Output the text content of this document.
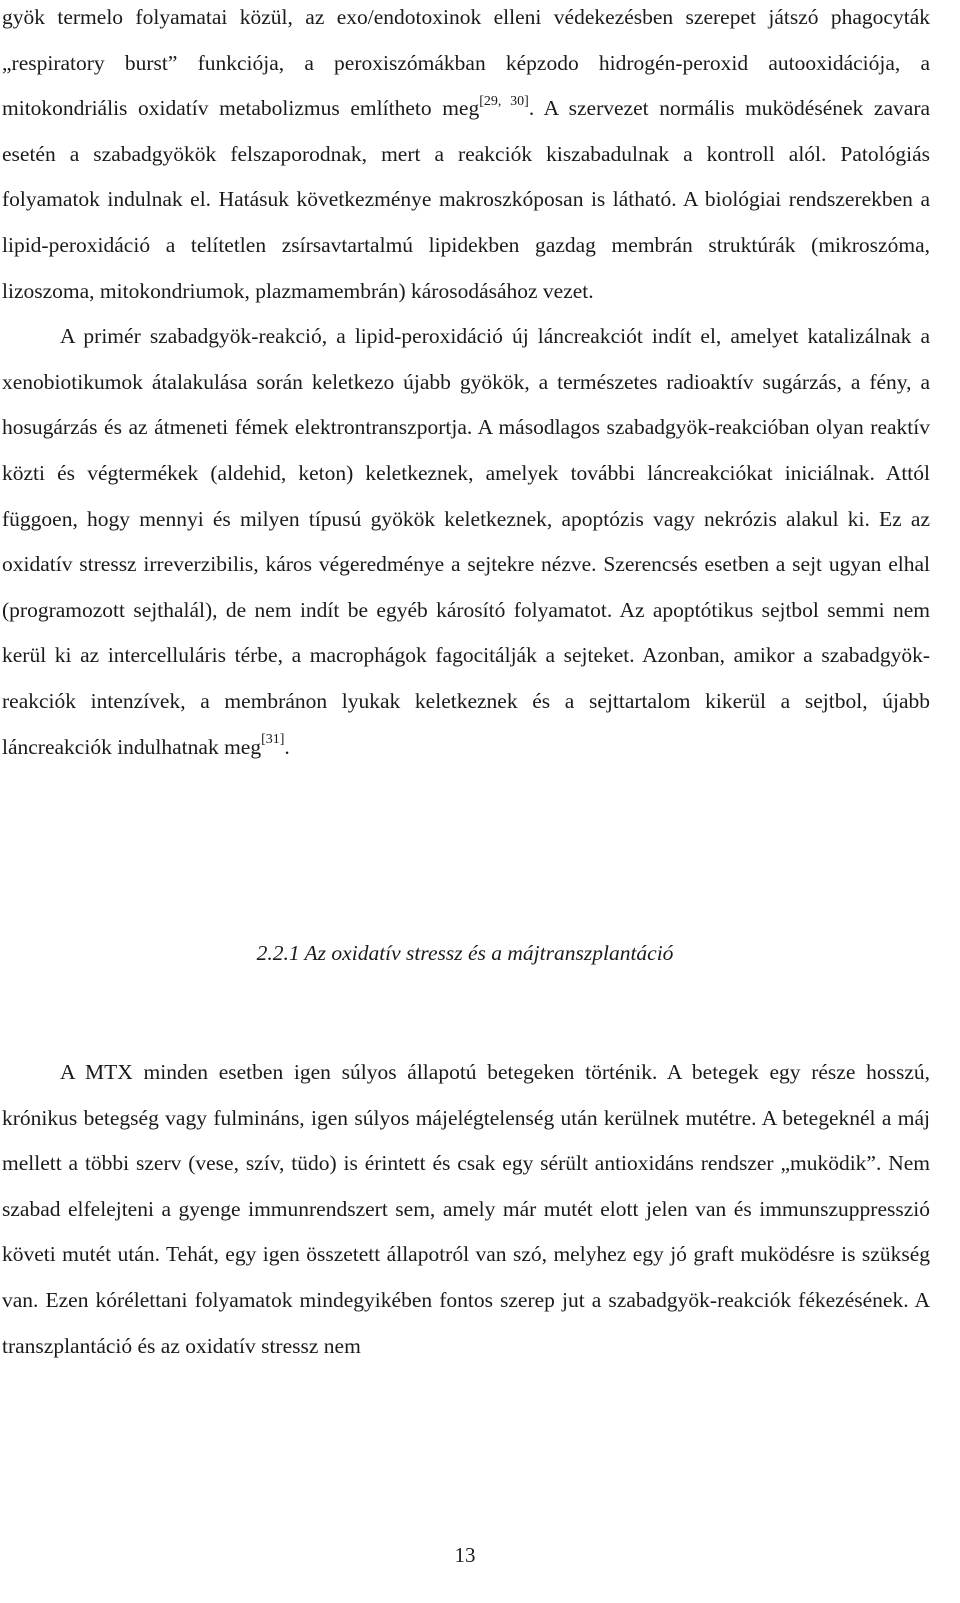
gyök termelo folyamatai közül, az exo/endotoxinok elleni védekezésben szerepet játszó phagocyták „respiratory burst” funkciója, a peroxiszómákban képzodo hidrogén-peroxid autooxidációja, a mitokondriális oxidatív metabolizmus említheto meg[29, 30]. A szervezet normális muködésének zavara esetén a szabadgyökök felszaporodnak, mert a reakciók kiszabadulnak a kontroll alól. Patológiás folyamatok indulnak el. Hatásuk következménye makroszkóposan is látható. A biológiai rendszerekben a lipid-peroxidáció a telítetlen zsírsavtartalmú lipidekben gazdag membrán struktúrák (mikroszóma, lizoszoma, mitokondriumok, plazmamembrán) károsodásához vezet.
A primér szabadgyök-reakció, a lipid-peroxidáció új láncreakciót indít el, amelyet katalizálnak a xenobiotikumok átalakulása során keletkezo újabb gyökök, a természetes radioaktív sugárzás, a fény, a hosugárzás és az átmeneti fémek elektrontranszportja. A másodlagos szabadgyök-reakcióban olyan reaktív közti és végtermékek (aldehid, keton) keletkeznek, amelyek további láncreakciókat iniciálnak. Attól függoen, hogy mennyi és milyen típusú gyökök keletkeznek, apoptózis vagy nekrózis alakul ki. Ez az oxidatív stressz irreverzibilis, káros végeredménye a sejtekre nézve. Szerencsés esetben a sejt ugyan elhal (programozott sejthalál), de nem indít be egyéb károsító folyamatot. Az apoptótikus sejtbol semmi nem kerül ki az intercelluláris térbe, a macrophágok fagocitálják a sejteket. Azonban, amikor a szabadgyök-reakciók intenzívek, a membránon lyukak keletkeznek és a sejttartalom kikerül a sejtbol, újabb láncreakciók indulhatnak meg[31].

2.2.1 Az oxidatív stressz és a májtranszplantáció

A MTX minden esetben igen súlyos állapotú betegeken történik. A betegek egy része hosszú, krónikus betegség vagy fulmináns, igen súlyos májelégtelenség után kerülnek mutétre. A betegeknél a máj mellett a többi szerv (vese, szív, tüdo) is érintett és csak egy sérült antioxidáns rendszer „muködik”. Nem szabad elfelejteni a gyenge immunrendszert sem, amely már mutét elott jelen van és immunszuppresszió követi mutét után. Tehát, egy igen összetett állapotról van szó, melyhez egy jó graft muködésre is szükség van. Ezen kórélettani folyamatok mindegyikében fontos szerep jut a szabadgyök-reakciók fékezésének. A transzplantáció és az oxidatív stressz nem

13
